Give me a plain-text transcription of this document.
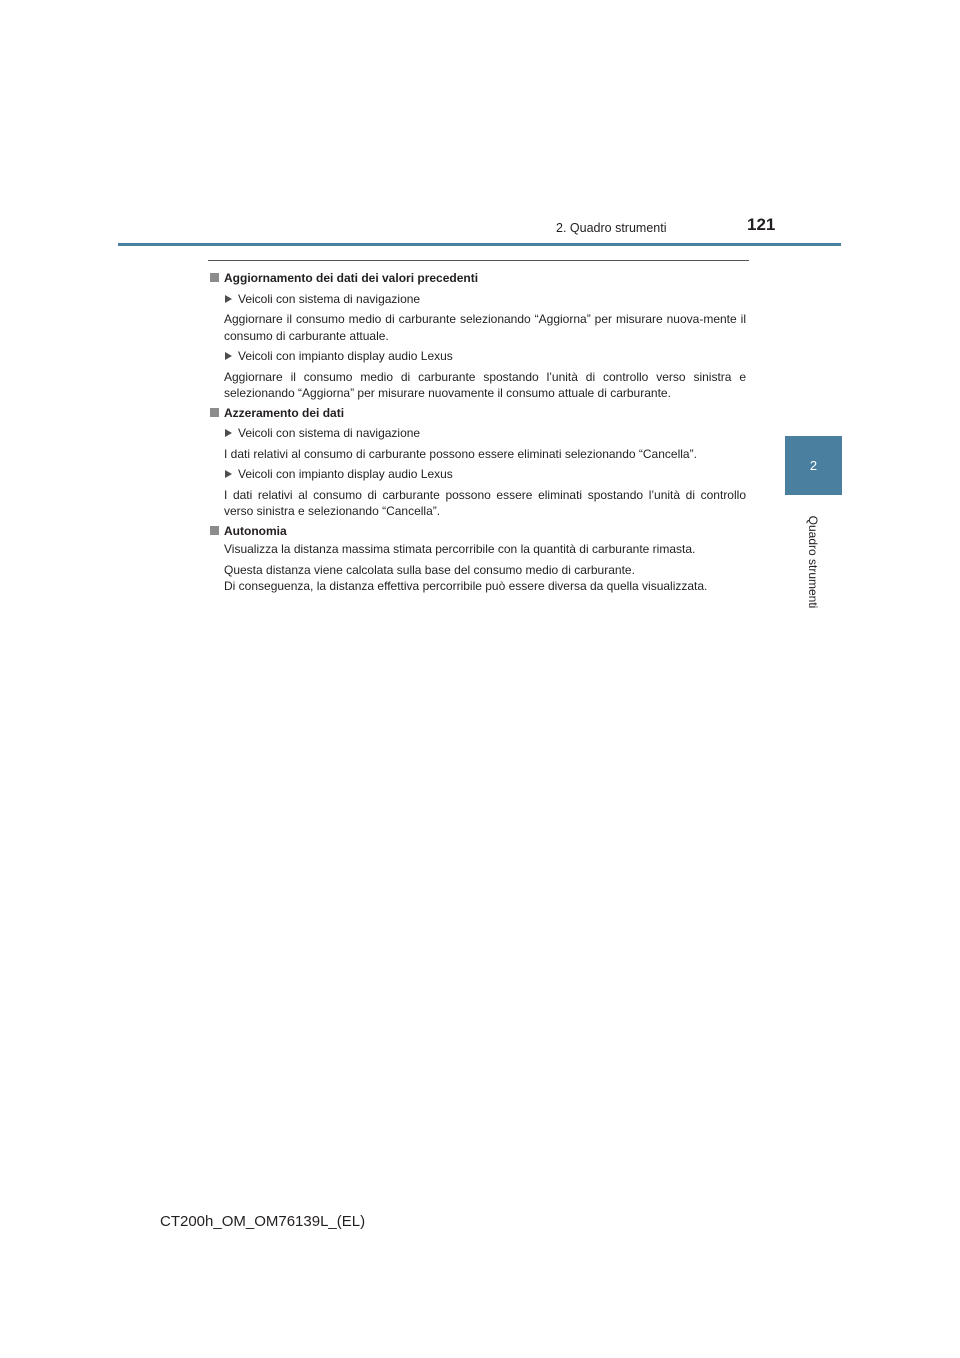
2. Quadro strumenti	121
2
Quadro strumenti
Aggiornamento dei dati dei valori precedenti
Veicoli con sistema di navigazione
Aggiornare il consumo medio di carburante selezionando “Aggiorna” per misurare nuova-mente il consumo di carburante attuale.
Veicoli con impianto display audio Lexus
Aggiornare il consumo medio di carburante spostando l’unità di controllo verso sinistra e selezionando “Aggiorna” per misurare nuovamente il consumo attuale di carburante.
Azzeramento dei dati
Veicoli con sistema di navigazione
I dati relativi al consumo di carburante possono essere eliminati selezionando “Cancella”.
Veicoli con impianto display audio Lexus
I dati relativi al consumo di carburante possono essere eliminati spostando l’unità di controllo verso sinistra e selezionando “Cancella”.
Autonomia
Visualizza la distanza massima stimata percorribile con la quantità di carburante rimasta.
Questa distanza viene calcolata sulla base del consumo medio di carburante.
Di conseguenza, la distanza effettiva percorribile può essere diversa da quella visualizzata.
CT200h_OM_OM76139L_(EL)
